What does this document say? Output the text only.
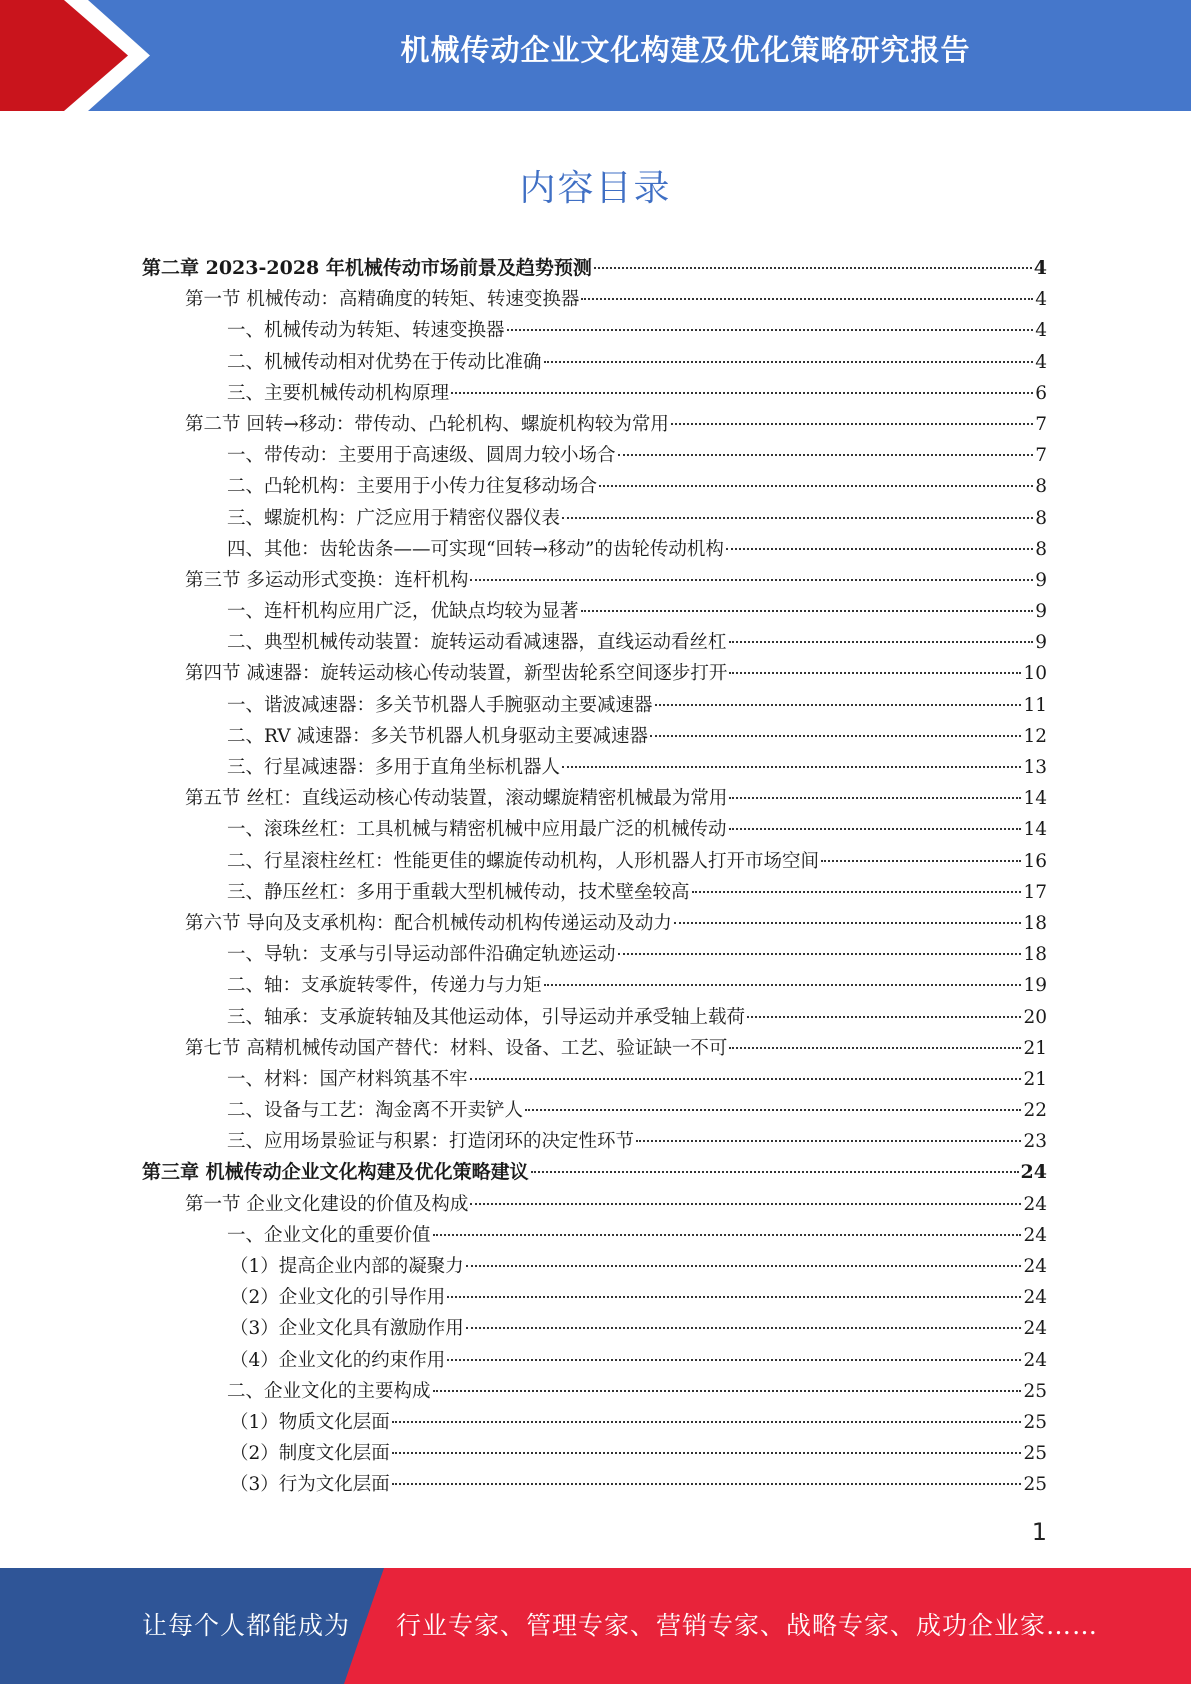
机械传动企业文化构建及优化策略研究报告
内容目录
第二章 2023-2028 年机械传动市场前景及趋势预测	4
第一节 机械传动：高精确度的转矩、转速变换器	4
一、机械传动为转矩、转速变换器	4
二、机械传动相对优势在于传动比准确	4
三、主要机械传动机构原理	6
第二节 回转→移动：带传动、凸轮机构、螺旋机构较为常用	7
一、带传动：主要用于高速级、圆周力较小场合	7
二、凸轮机构：主要用于小传力往复移动场合	8
三、螺旋机构：广泛应用于精密仪器仪表	8
四、其他：齿轮齿条——可实现“回转→移动”的齿轮传动机构	8
第三节 多运动形式变换：连杆机构	9
一、连杆机构应用广泛，优缺点均较为显著	9
二、典型机械传动装置：旋转运动看减速器，直线运动看丝杠	9
第四节 减速器：旋转运动核心传动装置，新型齿轮系空间逐步打开	10
一、谐波减速器：多关节机器人手腕驱动主要减速器	11
二、RV 减速器：多关节机器人机身驱动主要减速器	12
三、行星减速器：多用于直角坐标机器人	13
第五节 丝杠：直线运动核心传动装置，滚动螺旋精密机械最为常用	14
一、滚珠丝杠：工具机械与精密机械中应用最广泛的机械传动	14
二、行星滚柱丝杠：性能更佳的螺旋传动机构，人形机器人打开市场空间	16
三、静压丝杠：多用于重载大型机械传动，技术壁垒较高	17
第六节 导向及支承机构：配合机械传动机构传递运动及动力	18
一、导轨：支承与引导运动部件沿确定轨迹运动	18
二、轴：支承旋转零件，传递力与力矩	19
三、轴承：支承旋转轴及其他运动体，引导运动并承受轴上载荷	20
第七节 高精机械传动国产替代：材料、设备、工艺、验证缺一不可	21
一、材料：国产材料筑基不牢	21
二、设备与工艺：淘金离不开卖铲人	22
三、应用场景验证与积累：打造闭环的决定性环节	23
第三章 机械传动企业文化构建及优化策略建议	24
第一节 企业文化建设的价值及构成	24
一、企业文化的重要价值	24
（1）提高企业内部的凝聚力	24
（2）企业文化的引导作用	24
（3）企业文化具有激励作用	24
（4）企业文化的约束作用	24
二、企业文化的主要构成	25
（1）物质文化层面	25
（2）制度文化层面	25
（3）行为文化层面	25
1
让每个人都能成为 行业专家、管理专家、营销专家、战略专家、成功企业家……
